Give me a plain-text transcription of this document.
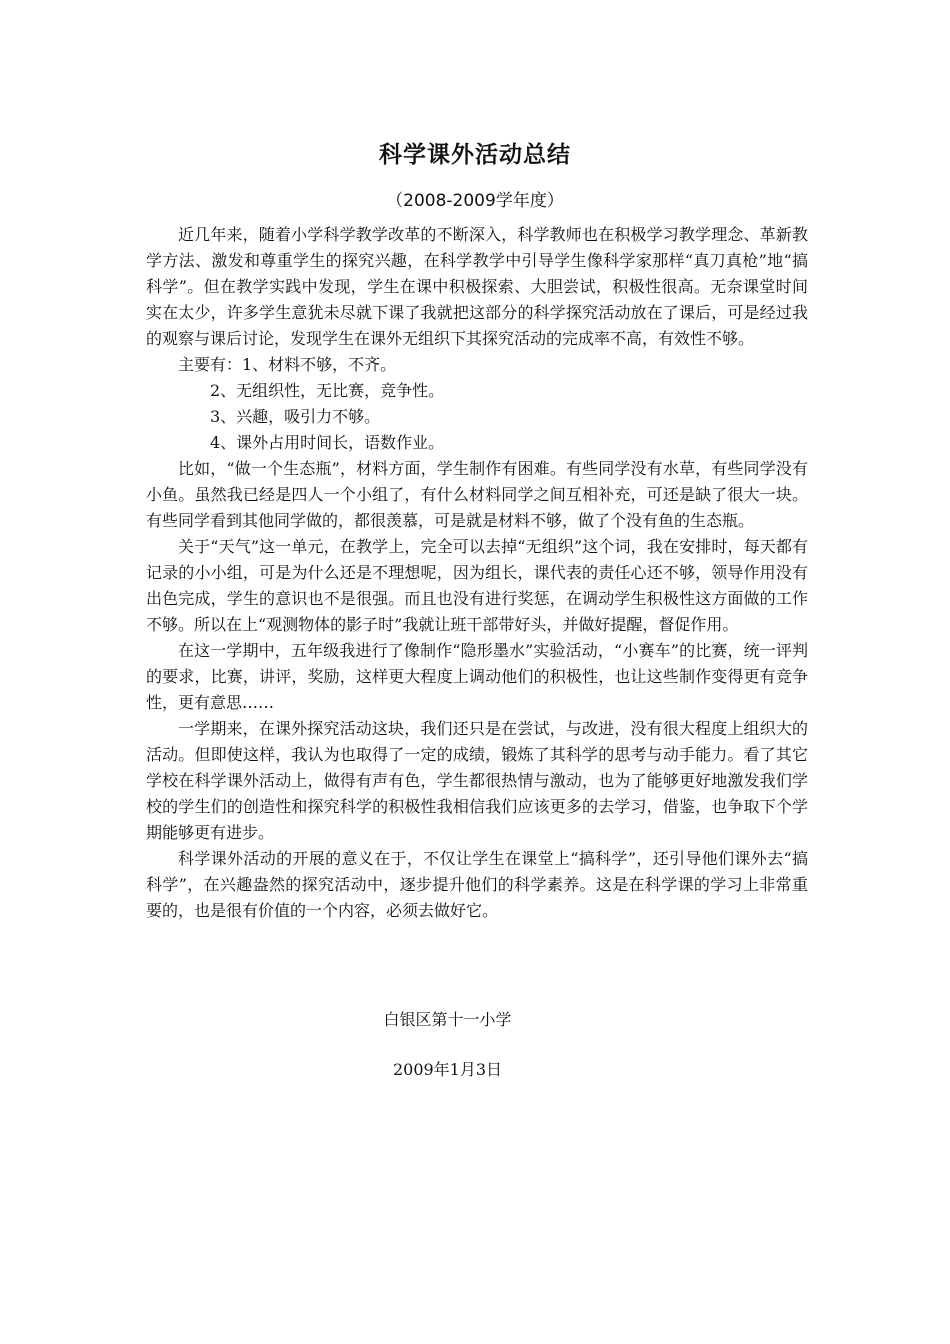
科学课外活动总结

（2008-2009学年度）

近几年来，随着小学科学教学改革的不断深入，科学教师也在积极学习教学理念、革新教学方法、激发和尊重学生的探究兴趣，在科学教学中引导学生像科学家那样“真刀真枪”地“搞科学”。但在教学实践中发现，学生在课中积极探索、大胆尝试，积极性很高。无奈课堂时间实在太少，许多学生意犹未尽就下课了我就把这部分的科学探究活动放在了课后，可是经过我的观察与课后讨论，发现学生在课外无组织下其探究活动的完成率不高，有效性不够。

主要有：1、材料不够，不齐。

2、无组织性，无比赛，竞争性。

3、兴趣，吸引力不够。

4、课外占用时间长，语数作业。

比如，“做一个生态瓶”，材料方面，学生制作有困难。有些同学没有水草，有些同学没有小鱼。虽然我已经是四人一个小组了，有什么材料同学之间互相补充，可还是缺了很大一块。有些同学看到其他同学做的，都很羡慕，可是就是材料不够，做了个没有鱼的生态瓶。

关于“天气”这一单元，在教学上，完全可以去掉“无组织”这个词，我在安排时，每天都有记录的小小组，可是为什么还是不理想呢，因为组长，课代表的责任心还不够，领导作用没有出色完成，学生的意识也不是很强。而且也没有进行奖惩，在调动学生积极性这方面做的工作不够。所以在上“观测物体的影子时”我就让班干部带好头，并做好提醒，督促作用。

在这一学期中，五年级我进行了像制作“隐形墨水”实验活动，“小赛车”的比赛，统一评判的要求，比赛，讲评，奖励，这样更大程度上调动他们的积极性，也让这些制作变得更有竞争性，更有意思……

一学期来，在课外探究活动这块，我们还只是在尝试，与改进，没有很大程度上组织大的活动。但即使这样，我认为也取得了一定的成绩，锻炼了其科学的思考与动手能力。看了其它学校在科学课外活动上，做得有声有色，学生都很热情与激动，也为了能够更好地激发我们学校的学生们的创造性和探究科学的积极性我相信我们应该更多的去学习，借鉴，也争取下个学期能够更有进步。

科学课外活动的开展的意义在于，不仅让学生在课堂上“搞科学”，还引导他们课外去“搞科学”，在兴趣盎然的探究活动中，逐步提升他们的科学素养。这是在科学课的学习上非常重要的，也是很有价值的一个内容，必须去做好它。

白银区第十一小学

2009年1月3日
